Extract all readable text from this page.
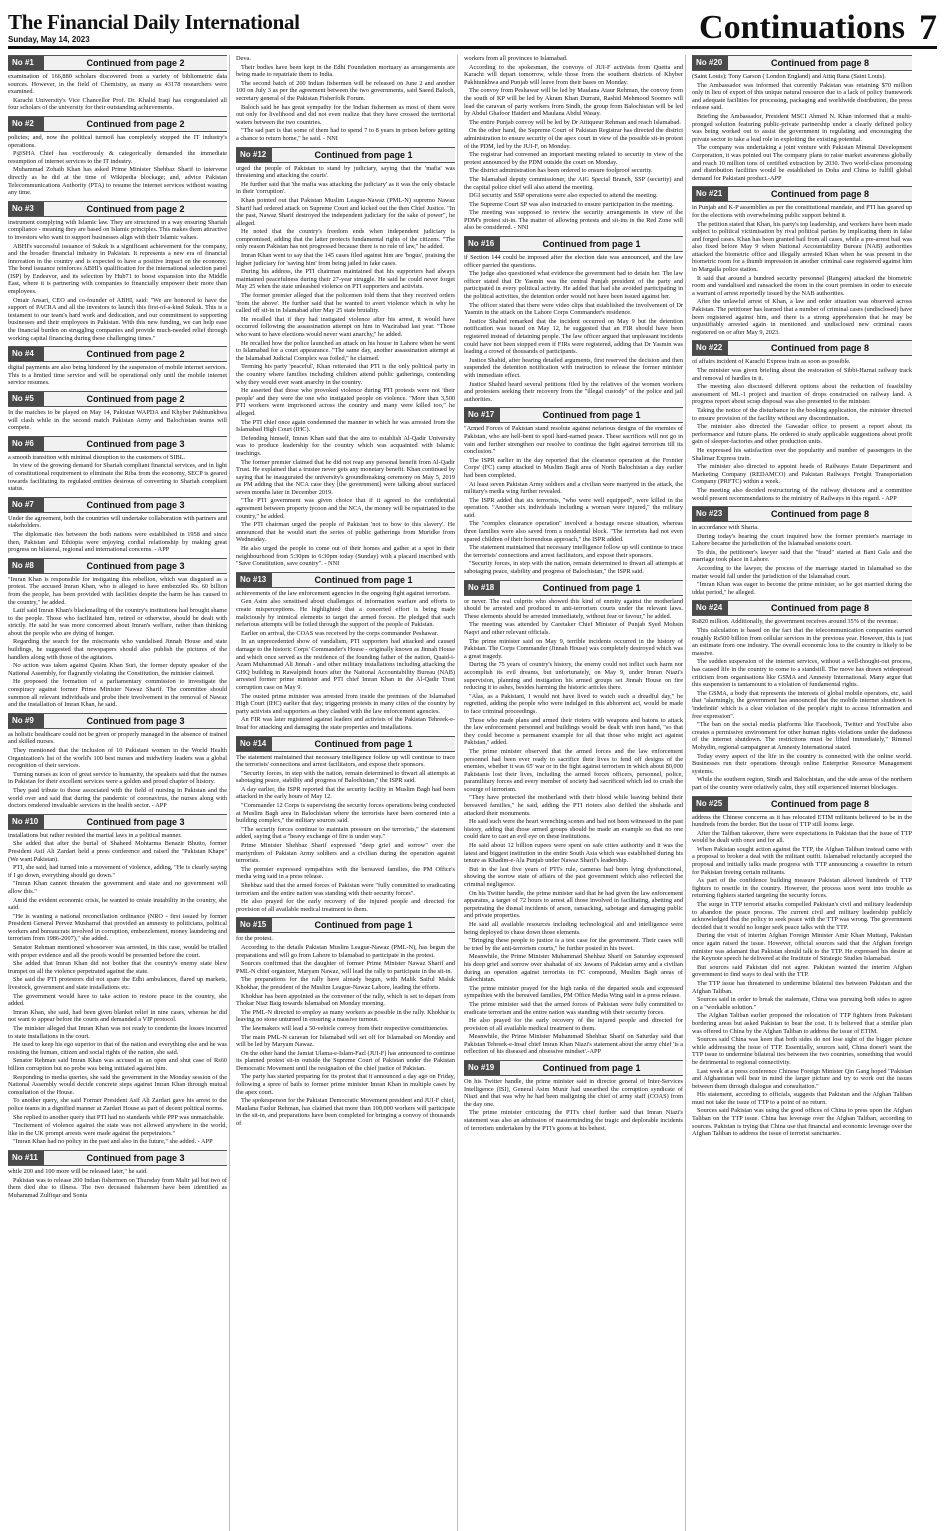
The Financial Daily International
Sunday, May 14, 2023	Continuations 7
No #1	Continued from page 2

examination of 166,880 scholars discovered from a variety of bibliometric data sources. However, in the field of Chemistry, as many as 43178 researchers were examined.

Karachi University's Vice Chancellor Prof. Dr. Khalid Iraqi has congratulated all four scholars of the university for their outstanding achievements.

No #2	Continued from page 2

policies; and, now the political turmoil has completely stopped the IT industry's operations.

P@SHA Chief has vociferously & categorically demanded the immediate resumption of internet services to the IT industry.

Muhammad Zohaib Khan has asked Prime Minister Shehbaz Sharif to intervene directly as he did at the time of Wikipedia blockage; and, advice Pakistan Telecommunications Authority (PTA) to resume the internet services without wasting any time.

No #3	Continued from page 2

instrument complying with Islamic law. They are structured in a way ensuring Shariah compliance - meaning they are based on Islamic principles. This makes them attractive to investors who want to support businesses align with their Islamic values.

ABHI's successful issuance of Sukuk is a significant achievement for the company, and the broader financial industry in Pakistan. It represents a new era of financial innovation in the country and is expected to have a positive impact on the economy. The bond issuance reinforces ABHI's qualification for the international selection panel (ISP) by Endeavor, and its selection by Hub71 to boost expansion into the Middle East, where it is partnering with companies to financially empower their more than employees.

Omair Ansari, CEO and co-founder of ABHI, said: "We are honored to have the support of PACRA and all the investors to launch this first-of-a-kind Sukuk. This is a testament to our team's hard work and dedication, and our commitment to supporting businesses and their employees in Pakistan. With this new funding, we can help ease the financial burden on struggling companies and provide much-needed relief through working capital financing during these challenging times."

No #4	Continued from page 2

digital payments are also being hindered by the suspension of mobile internet services. This is a limited time service and will be operational only until the mobile internet service resumes.

No #5	Continued from page 2

In the matches to be played on May 14, Pakistan WAPDA and Khyber Pakhtunkhwa will clash while in the second match Pakistan Army and Balochistan teams will compete.

No #6	Continued from page 3

a smooth transition with minimal disruption to the customers of SIBL.

In view of the growing demand for Shariah compliant financial services, and in light of constitutional requirement to eliminate the Riba from the economy, SECP is geared towards facilitating its regulated entities desirous of converting to Shariah compliant status.

No #7	Continued from page 3

Under the agreement, both the countries will undertake collaboration with partners and stakeholders.

The diplomatic ties between the both nations were established in 1958 and since then, Pakistan and Ethiopia were enjoying cordial relationship by making great progress on bilateral, regional and international concerns. - APP

No #8	Continued from page 3

"Imran Khan is responsible for instigating this rebellion, which was disguised as a protest. The accused Imran Khan, who is alleged to have embezzled Rs. 60 billion from the people, has been provided with facilities despite the harm he has caused to the country," he added.

Latif said Imran Khan's blackmailing of the country's institutions had brought shame to the people. Those who facilitated him, retired or otherwise, should be dealt with strictly. He said he was more concerned about Imran's welfare, rather than thinking about the people who are dying of hunger.

Regarding the search for the miscreants who vandalised Jinnah House and state buildings, he suggested that newspapers should also publish the pictures of the handlers along with those of the agitators.

No action was taken against Qasim Khan Suri, the former deputy speaker of the National Assembly, for flagrantly violating the Constitution, the minister claimed.

He proposed the formation of a parliamentary commission to investigate the conspiracy against former Prime Minister Nawaz Sharif. The committee should summon all relevant individuals and probe their involvement in the removal of Nawaz and the installation of Imran Khan, he said.

No #9	Continued from page 3

as holistic healthcare could not be given or properly managed in the absence of trained and skilled nurses.

They mentioned that the inclusion of 10 Pakistani women in the World Health Organization's list of the world's 100 best nurses and midwifery leaders was a global recognition of their services.

Turning nurses as icon of great service to humanity, the speakers said that the nurses in Pakistan for their excellent services were a golden and proud chapter of history.

They paid tribute to those associated with the field of nursing in Pakistan and the world over and said that during the pandemic of coronavirus, the nurses along with doctors rendered invaluable services in the health sector. - APP

No #10	Continued from page 3

installations but rather resisted the martial laws in a political manner.

She added that after the burial of Shaheed Mohtarma Benazir Bhutto, former President Asif Ali Zardari held a press conference and raised the "Pakistan Khape" (We want Pakistan).

PTI, she said, had turned into a movement of violence, adding, "He is clearly saying if I go down, everything should go down."

"Imran Khan cannot threaten the government and state and no government will allow this."

Amid the evident economic crisis, he wanted to create instability in the country, she said.

"He is wanting a national reconciliation ordinance (NRO - first issued by former President General Pervez Musharraf that provided an amnesty to politicians, political workers and bureaucrats involved in corruption, embezzlement, money laundering and terrorism from 1986-2007)," she added.

Senator Rehman mentioned whosoever was arrested, in this case, would be trialled with proper evidence and all the proofs would be presented before the court.

She added that Imran Khan did not bother that the country's enemy state blew trumpet on all the violence perpetrated against the state.

She said the PTI protestors did not spare the Edhi ambulances, flared up markets, livestock, government and state installations etc.

The government would have to take action to restore peace in the country, she added.

Imran Khan, she said, had been given blanket relief in nine cases, whereas he did not want to appear before the courts and demanded a VIP protocol.

The minister alleged that Imran Khan was not ready to condemn the losses incurred to state installations in the court.

He used to keep his ego superior to that of the nation and everything else and he was resisting the human, citizen and social rights of the nation, she said.

Senator Rehman said Imran Khan was accused in an open and shut case of Rs60 billion corruption but no probe was being initiated against him.

Responding to media queries, she said the government in the Monday session of the National Assembly would decide concrete steps against Imran Khan through mutual consultation of the House.

To another query, she said Former President Asif Ali Zardari gave his arrest to the police teams in a dignified manner at Zardari House as part of decent political norms.

She replied to another query that PTI had no standards while PPP was unmatchable.

"Incitement of violence against the state was not allowed anywhere in the world, like in the UK prompt arrests were made against the perpetrators."

"Imran Khan had no policy in the past and also in the future," she added. - APP

No #11	Continued from page 3

while 200 and 100 more will be released later," he said.

Pakistan was to release 200 Indian fishermen on Thursday from Malir jail but two of them died due to illness. The two deceased fishermen have been identified as Muhammad Zulfiqar and Sonia

Deva.

Their bodies have been kept in the Edhi Foundation mortuary as arrangements are being made to repatriate them to India.

The second batch of 200 Indian fishermen will be released on June 2 and another 100 on July 3 as per the agreement between the two governments, said Saeed Baloch, secretary general of the Pakistan Fisherfolk Forum.

Baloch said he has great sympathy for the Indian fishermen as most of them were out only for livelihood and did not even realize that they have crossed the territorial waters between the two countries.

"The sad part is that some of them had to spend 7 to 8 years in prison before getting a chance to return home," he said. - NNI

No #12	Continued from page 1

urged the people of Pakistan to stand by judiciary, saying that the 'mafia' was threatening and attacking the courts'.

He further said that 'the mafia was attacking the judiciary' as it was the only obstacle in their 'corruption'.

Khan pointed out that Pakistan Muslim League-Nawaz (PML-N) supremo Nawaz Sharif had ordered attack on Supreme Court and kicked out the then Chief Justice. "In the past, Nawaz Sharif destroyed the independent judiciary for the sake of power", he alleged.

He noted that the country's freedom ends when independent judiciary is compromised, adding that the latter protects fundamental rights of the citizens. "The only reason Pakistan has not progressed because there is no rule of law," he added.

Imran Khan went to say that the 145 cases filed against him are 'bogus', praising the higher judiciary for 'saving him' from being jailed in fake cases.

During his address, the PTI chairman maintained that his supporters had always maintained peacefulness during their 27-year struggle. He said he could never forget May 25 when the state unleashed violence on PTI supporters and activists.

The former premier alleged that the policemen told them that they received orders 'from the above'. He further said that he wanted to avert violence which is why he called off sit-in in Islamabad after May 25 state brutality.

He recalled that if they had instigated violence after his arrest, it would have occurred following the assassination attempt on him in Wazirabad last year. "Those who want to have elections would never want anarchy," he added.

He recalled how the police launched an attack on his house in Lahore when he went to Islamabad for a court appearance. "The same day, another assassination attempt at the Islamabad Judicial Complex was foiled," he claimed.

Terming his party 'peaceful', Khan reiterated that PTI is the only political party in the country where families including children attend public gatherings, contending why they would ever want anarchy in the country.

He asserted that those who provoked violence during PTI protests were not 'their people' and they were the one who instigated people on violence. "More than 3,500 PTI workers were imprisoned across the country and many were killed too," he alleged.

The PTI chief once again condemned the manner in which he was arrested from the Islamabad High Court (IHC).

Defending himself, Imran Khan said that the aim to establish Al-Qadir University was to produce leadership for the country which was acquainted with Islamic teachings.

The former premier claimed that he did not reap any personal benefit from Al-Qadir Trust. He explained that a trustee never gets any monetary benefit. Khan continued by saying that he inaugurated the university's groundbreaking ceremony on May 5, 2019 as PM adding that the NCA case they [the government] were talking about surfaced seven months later in December 2019.

"The PTI government was given choice that if it agreed to the confidential agreement between property tycoon and the NCA, the money will be repatriated to the country," he added.

The PTI chairman urged the people of Pakistan 'not to bow to this slavery'. He announced that he would start the series of public gatherings from Muridke from Wednesday.

He also urged the people to come out of their homes and gather at a spot in their neighbourhood from 5:30pm to 6:30pm today (Sunday) with a placard inscribed with "Save Constitution, save country". - NNI

No #13	Continued from page 1

achievements of the law enforcement agencies in the ongoing fight against terrorism.

Gen Asim also sensitised about challenges of information warfare and efforts to create misperceptions. He highlighted that a concerted effort is being made maliciously by inimical elements to target the armed forces. He pledged that such nefarious attempts will be foiled through the support of the people of Pakistan.

Earlier on arrival, the COAS was received by the corps commander Peshawar.

In an unprecedented show of vandalism, PTI supporters had attacked and caused damage to the historic Corps' Commander's House - originally known as Jinnah House and which once served as the residence of the founding father of the nation, Quaid-i-Azam Muhammad Ali Jinnah - and other military installations including attacking the GHQ building in Rawalpindi hours after the National Accountability Bureau (NAB) arrested former prime minister and PTI chief Imran Khan in the Al-Qadir Trust corruption case on May 9.

The ousted prime minister was arrested from inside the premises of the Islamabad High Court (IHC) earlier that day; triggering protests in many cities of the country by party activists and supporters as they clashed with the law enforcement agencies.

An FIR was later registered against leaders and activists of the Pakistan Tehreek-e-Insaf for attacking and damaging the state properties and installations.

No #14	Continued from page 1

The statement maintained that necessary intelligence follow up will continue to trace the terrorists' connections and arrest facilitators, and expose their sponsors.

"Security forces, in step with the nation, remain determined to thwart all attempts at sabotaging peace, stability and progress of Balochistan," the ISPR said.

A day earlier, the ISPR reported that the security facility in Muslim Bagh had been attacked in the early hours of May 12.

"Commander 12 Corps is supervising the security forces operations being conducted at Muslim Bagh area in Balochistan where the terrorists have been cornered into a building complex," the military sources said.

"The security forces continue to maintain pressure on the terrorists," the statement added, saying that a "heavy exchange of fire is under way."

Prime Minister Shehbaz Sharif expressed "deep grief and sorrow" over the martyrdom of Pakistan Army soldiers and a civilian during the operation against terrorists.

The premier expressed sympathies with the bereaved families, the PM Office's media wing said in a press release.

Shehbaz said that the armed forces of Pakistan were "fully committed to eradicating terrorism and the entire nation was standing with their security forces".

He also prayed for the early recovery of the injured people and directed for provision of all available medical treatment to them.

No #15	Continued from page 1

for the protest.

According to the details Pakistan Muslim League-Nawaz (PML-N), has begun the preparations and will go from Lahore to Islamabad to participate in the protest.

Sources confirmed that the daughter of former Prime Minister Nawaz Sharif and PML-N chief organizer, Maryam Nawaz, will lead the rally to participate in the sit-in.

The preparations for the rally have already begun, with Malik Saiful Maluk Khokhar, the president of the Muslim League-Nawaz Lahore, leading the efforts.

Khokhar has been appointed as the convener of the rally, which is set to depart from Thokar Niaz Baig towards Islamabad on Monday morning.

The PML-N directed to employ as many workers as possible in the rally. Khokhar is leaving no stone unturned in ensuring a massive turnout.

The lawmakers will lead a 50-vehicle convoy from their respective constituencies.

The main PML-N caravan for Islamabad will set off for Islamabad on Monday and will be led by Maryam Nawaz.

On the other hand the Jamiat Ulama-e-Islam-Fazl (JUI-F) has announced to continue its planned protest sit-in outside the Supreme Court of Pakistan under the Pakistan Democratic Movement until the resignation of the chief justice of Pakistan.

The party has started preparing for its protest that it announced a day ago on Friday, following a spree of bails to former prime minister Imran Khan in multiple cases by the apex court.

The spokesperson for the Pakistan Democratic Movement president and JUI-F chief, Maulana Fazlur Rehman, has claimed that more than 100,000 workers will participate in the sit-in, and preparations have been completed for bringing a convoy of thousands of

workers from all provinces to Islamabad.

According to the spokesman, the convoys of JUI-F activists from Quetta and Karachi will depart tomorrow, while those from the southern districts of Khyber Pakhtunkhwa and Punjab will leave from their bases on Monday.

The convoy from Peshawar will be led by Maulana Ataur Rehman, the convoy from the south of KP will be led by Akram Khan Durrani, Rashid Mehmood Soomro will lead the caravan of party workers from Sindh, the group from Balochistan will be led by Abdul Ghafoor Haideri and Maulana Abdul Wasay.

The entire Punjab convoy will be led by Dr Attiqueur Rehman and reach Islamabad.

On the other hand, the Supreme Court of Pakistan Registrar has directed the district administration to ensure security of the apex court in view of the possible sit-in protest of the PDM, led by the JUI-F, on Monday.

The registrar had convened an important meeting related to security in view of the protest announced by the PDM outside the court on Monday.

The district administration has been ordered to ensure foolproof security.

The Islamabad deputy commissioner, the AIG Special Branch, SSP (security) and the capital police chief will also attend the meeting.

DGI security and SSP operations were also expected to attend the meeting.

The Supreme Court SP was also instructed to ensure participation in the meeting.

The meeting was supposed to review the security arrangements in view of the PDM's protest sit-in. The matter of allowing protests and sit-ins in the Red Zone will also be considered. - NNI

No #16	Continued from page 1

if Section 144 could be imposed after the election date was announced, and the law officer parried the questions.

The judge also questioned what evidence the government had to detain her. The law officer stated that Dr Yasmin was the central Punjab president of the party and participated in every political activity. He added that had she avoided participating in the political activities, the detention order would not have been issued against her.

The officer stated that there were video clips that established the involvement of Dr Yasmin in the attack on the Lahore Corps Commander's residence.

Justice Shahid remarked that the incident occurred on May 9 but the detention notification was issued on May 12, he suggested that an FIR should have been registered instead of detaining people. The law officer argued that unpleasant incidents could have not been stopped even if FIRs were registered, adding that Dr Yasmin was leading a crowd of thousands of participants.

Justice Shahid, after hearing detailed arguments, first reserved the decision and then suspended the detention notification with instruction to release the former minister with immediate effect.

Justice Shahid heard several petitions filed by the relatives of the women workers and protesters seeking their recovery from the "illegal custody" of the police and jail authorities.

No #17	Continued from page 1

"Armed Forces of Pakistan stand resolute against nefarious designs of the enemies of Pakistan, who are hell-bent to spoil hard-earned peace. These sacrifices will not go in vain and further strengthen our resolve to continue the fight against terrorism till its conclusion."

The ISPR earlier in the day reported that the clearance operation at the Frontier Corps' (FC) camp attacked in Muslim Bagh area of North Balochistan a day earlier had been completed.

At least seven Pakistan Army soldiers and a civilian were martyred in the attack, the military's media wing further revealed.

The ISPR added that six terrorists, "who were well equipped", were killed in the operation. "Another six individuals including a woman were injured," the military said.

The "complex clearance operation" involved a hostage rescue situation, whereas three families were also saved from a residential block. "The terrorists had not even spared children of their horrendous approach," the ISPR added.

The statement maintained that necessary intelligence follow up will continue to trace the terrorists' connections and arrest facilitators, and expose their sponsors.

"Security forces, in step with the nation, remain determined to thwart all attempts at sabotaging peace, stability and progress of Balochistan," the ISPR said.

No #18	Continued from page 1

or never. The real culprits who showed this kind of enmity against the motherland should be arrested and produced in anti-terrorism courts under the relevant laws. These elements should be arrested immediately, without fear or favour," he added.

The meeting was attended by Caretaker Chief Minister of Punjab Syed Mohsin Naqvi and other relevant officials.

The prime minister said on May 9, terrible incidents occurred in the history of Pakistan. The Corps Commander (Jinnah House) was completely destroyed which was a great tragedy.

During the 75 years of country's history, the enemy could not inflict such harm nor accomplish its evil dreams, but unfortunately, on May 9, under Imran Niazi's supervision, planning and instigation his armed groups set Jinnah House on fire reducing it to ashes, besides harming the historic articles there.

"Alas, as a Pakistani, I would not have lived to watch such a dreadful day," he regretted, adding the people who were indulged in this abhorrent act, would be made to face criminal proceedings.

Those who made plans and armed their rioters with weapons and batons to attack the law enforcement personnel and buildings would be dealt with iron hand, "so that they could become a permanent example for all that those who might act against Pakistan," added.

The prime minister observed that the armed forces and the law enforcement personnel had been ever ready to sacrifice their lives to fend off designs of the enemies, whether it was 65' war or in the fight against terrorism in which about 80,000 Pakistanis lost their lives, including the armed forces officers, personnel, police, paramilitary forces and every member of society had sacrificed which led to crush the scourge of terrorism.

"They have protected the motherland with their blood while leaving behind their bereaved families," he said, adding the PTI rioters also defiled the shuhada and attacked their monuments.

He said such were the heart wrenching scenes and had not been witnessed in the past history, adding that those armed groups should be made an example so that no one could dare to cast an evil eye on these institutions.

He said about 12 billion rupees were spent on safe cities authority and it was the latest and biggest institution in the entire South Asia which was established during his tenure as Khadim-e-Ala Punjab under Nawaz Sharif's leadership.

But in the last five years of PTI's rule, cameras had been lying dysfunctional, showing the sorrow state of affairs of the past government which also reflected the criminal negligence.

On his Twitter handle, the prime minister said that he had given the law enforcement apparatus, a target of 72 hours to arrest all those involved in facilitating, abetting and perpetrating the dismal incidents of arson, ransacking, sabotage and damaging public and private properties.

He said all available resources including technological aid and intelligence were being deployed to chase down those elements.

"Bringing these people to justice is a test case for the government. Their cases will be tried by the anti-terrorism courts," he further posted in his tweet.

Meanwhile, the Prime Minister Muhammad Shehbaz Sharif on Saturday expressed his deep grief and sorrow over shahadat of six Jawans of Pakistan army and a civilian during an operation against terrorists in FC compound, Muslim Bagh areas of Balochistan.

The prime minister prayed for the high ranks of the departed souls and expressed sympathies with the bereaved families, PM Office Media Wing said in a press release.

The prime minister said that the armed forces of Pakistan were fully committed to eradicate terrorism and the entire nation was standing with their security forces.

He also prayed for the early recovery of the injured people and directed for provision of all available medical treatment to them.

Meanwhile, the Prime Minister Muhammad Shehbaz Sharif on Saturday said that Pakistan Tehreek-e-Insaf chief Imran Khan Niazi's statement about the army chief 'is a reflection of his diseased and obsessive mindset'.-APP

No #19	Continued from page 1

On his Twitter handle, the prime minister said in director general of Inter-Services Intelligence (ISI), General Asim Munir had unearthed the corruption syndicate of Niazi and that was why he had been maligning the chief of army staff (COAS) from the day one.

The prime minister criticizing the PTI's chief further said that Imran Niazi's statement was also an admission of masterminding the tragic and deplorable incidents of terrorism undertaken by the PTI's goons at his behest.

No #20	Continued from page 8

(Saint Louis); Tony Garson ( London England) and Attiq Rana (Saint Louis).

The Ambassador was informed that currently Pakistan was retaining $70 million only in lieu of export of this unique natural resource due to a lack of policy framework and adequate facilities for processing, packaging and worldwide distribution, the press release said.

Briefing the Ambassador, President MSCI Ahmed N. Khan informed that a multi-pronged solution featuring public-private partnership under a clearly defined policy was being worked out to assist the government in regulating and encouraging the private sector to take a lead role in exploiting the existing potential.

The company was undertaking a joint venture with Pakistan Mineral Development Corporation, it was pointed out The company plans to raise market awareness globally and reach 10 million tons of certified extraction by 2030. Two world-class processing and distribution facilities would be established in Doha and China to fulfill global demand for Pakistani product.-APP

No #21	Continued from page 8

in Punjab and K-P assemblies as per the constitutional mandate, and PTI has geared up for the elections with overwhelming public support behind it.

The petition stated that Khan, his party's top leadership, and workers have been made subject to political victimisation by rival political parties by implicating them in false and forged cases. Khan has been granted bail from all cases, while a pre-arrest bail was also fixed before May 9 when National Accountability Bureau (NAB) authorities attacked the biometric office and illegally arrested Khan when he was present in the biometric room for a thumb impression in another criminal case registered against him in Margalla police station.

It said that around a hundred security personnel (Rangers) attacked the biometric room and vandalised and ransacked the room in the court premises in order to execute a warrant of arrest reportedly issued by the NAB authorities.

After the unlawful arrest of Khan, a law and order situation was observed across Pakistan. The petitioner has learned that a number of criminal cases (undisclosed) have been registered against him, and there is a strong apprehension that he may be unjustifiably arrested again in mentioned and undisclosed new criminal cases registered on or after May 9, 2023.

No #22	Continued from page 8

of affairs incident of Karachi Express train as soon as possible.

The minister was given briefing about the restoration of Sibbi-Harnai railway track and removal of hurdles in it.

The meeting also discussed different options about the reduction of feasibility assessment of ML-1 project and inaction of drops constructed on railway land. A progress report about scrap disposal was also presented to the minister.

Taking the notice of the disturbance in the booking application, the minister directed to ensure provision of the facility without any discontinuation.

The minister also directed the Gawadar office to present a report about its performance and future plans. He ordered to study applicable suggestions about profit gain of sleeper-factories and other production units.

He expressed his satisfaction over the popularity and number of passengers in the Shalimar Express train.

The minister also directed to appoint heads of Railways Estate Department and Marketing Company (REDAMCO) and Pakistan Railways Freight Transportation Company (PRFTC) within a week.

The meeting also decided restructuring of the railway divisions and a committee would present recommendations to the ministry of Railways in this regard. - APP

No #23	Continued from page 8

in accordance with Sharia.

During today's hearing the court inquired how the former premier's marriage in Lahore became the jurisdiction of the Islamabad sessions court.

To this, the petitioner's lawyer said that the "fraud" started at Bani Gala and the marriage took place in Lahore.

According to the lawyer, the process of the marriage started in Islamabad so the matter would fall under the jurisdiction of the Islamabad court.

"Imran Khan was eager to become the prime minister, so he got married during the iddat period," he alleged.

No #24	Continued from page 8

Rs820 million. Additionally, the government receives around 35% of the revenue.

This calculation is based on the fact that the telecommunication companies earned roughly Rs500 billion from cellular services in the previous year. However, this is just an estimate from one industry. The overall economic loss to the country is likely to be massive.

The sudden suspension of the internet services, without a well-thought-out process, has caused life in the country to come to a standstill. The move has drawn widespread criticism from organisations like GSMA and Amnesty International. Many argue that this suspension is tantamount to a violation of fundamental rights.

The GSMA, a body that represents the interests of global mobile operators, etc, said that "alarmingly, the government has announced that the mobile internet shutdown is 'indefinite' which is a clear violation of the people's right to access information and free expression".

"The ban on the social media platforms like Facebook, Twitter and YouTube also creates a permissive environment for other human rights violations under the darkness of the internet shutdown. The restrictions must be lifted immediately," Rimmel Mohydin, regional campaigner at Amnesty International stated.

Today every aspect of the life in the country is connected with the online world. Businesses run their operations through online Enterprise Resource Management systems.

While the southern region, Sindh and Balochistan, and the side areas of the northern part of the country were relatively calm, they still experienced internet blockages.

No #25	Continued from page 8

address the Chinese concerns as it has relocated ETIM militants believed to be in the hundreds from the border. But the issue of TTP still looms large.

After the Taliban takeover, there were expectations in Pakistan that the issue of TTP would be dealt with once and for all.

When Pakistan sought action against the TTP, the Afghan Taliban instead came with a proposal to broker a deal with the militant outfit. Islamabad reluctantly accepted the proposal and initially talks made progress with TTP announcing a ceasefire in return for Pakistan freeing certain militants.

As part of the confidence building measure Pakistan allowed hundreds of TTP fighters to resettle in the country. However, the process soon went into trouble as returning fighters started targeting the security forces.

The surge in TTP terrorist attacks compelled Pakistan's civil and military leadership to abandon the peace process. The current civil and military leadership publicly acknowledged that the policy to seek peace with the TTP was wrong. The government decided that it would no longer seek peace talks with the TTP.

During the visit of interim Afghan Foreign Minister Amir Khan Muttaqi, Pakistan once again raised the issue. However, official sources said that the Afghan foreign minister was adamant that Pakistan should talk to the TTP. He expressed his desire at the Keynote speech he delivered at the Institute of Strategic Studies Islamabad.

But sources said Pakistan did not agree. Pakistan wanted the interim Afghan government to find ways to deal with the TTP.

The TTP issue has threatened to undermine bilateral ties between Pakistan and the Afghan Taliban.

Sources said in order to break the stalemate, China was pursuing both sides to agree on a "workable solution."

The Afghan Taliban earlier proposed the relocation of TTP fighters from Pakistani bordering areas but asked Pakistan to bear the cost. It is believed that a similar plan was offered to China by the Afghan Taliban to address the issue of ETIM.

Sources said China was keen that both sides do not lose sight of the bigger picture while addressing the issue of TTP. Essentially, sources said, China doesn't want the TTP issue to undermine bilateral ties between the two countries, something that would be detrimental to regional connectivity.

Last week at a press conference Chinese Foreign Minister Qin Gang hoped "Pakistan and Afghanistan will bear in mind the larger picture and try to work out the issues between them through dialogue and consultation."

His statement, according to officials, suggests that Pakistan and the Afghan Taliban must not take the issue of TTP to a point of no return.

Sources said Pakistan was using the good offices of China to press upon the Afghan Taliban on the TTP issue. China has leverage over the Afghan Taliban, according to sources. Pakistan is trying that China use that financial and economic leverage over the Afghan Taliban to address the issue of terrorist sanctuaries.
